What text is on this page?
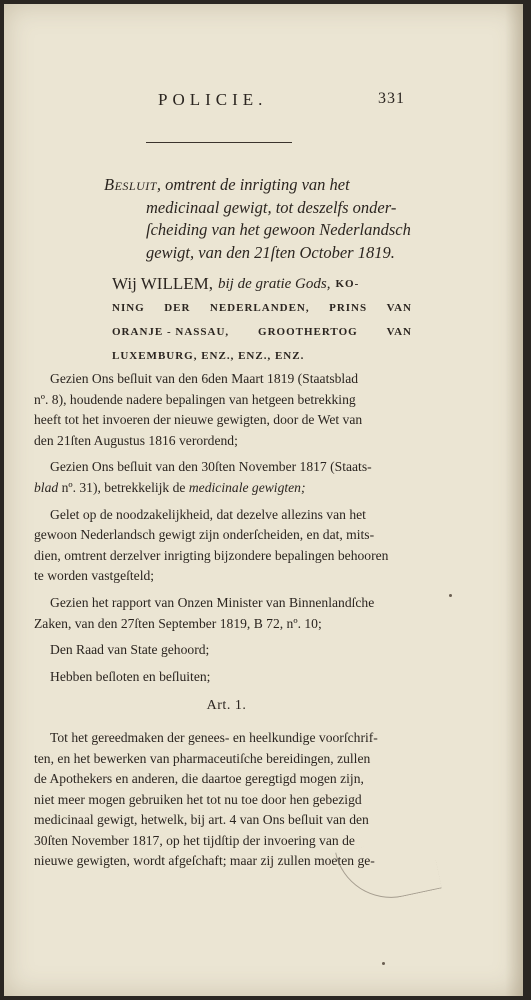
POLICIE.	331
Besluit, omtrent de inrigting van het
medicinaal gewigt, tot deszelfs onder-
ſcheiding van het gewoon Nederlandsch
gewigt, van den 21ſten October 1819.
Wij WILLEM, bij de gratie Gods, KO-
NING DER NEDERLANDEN, PRINS VAN
ORANJE - NASSAU,	GROOTHERTOG	VAN
LUXEMBURG, ENZ., ENZ., ENZ.
Gezien Ons beſluit van den 6den Maart 1819 (Staatsblad
nº. 8), houdende nadere bepalingen van hetgeen betrekking
heeft tot het invoeren der nieuwe gewigten, door de Wet van
den 21ſten Augustus 1816 verordend;
Gezien Ons beſluit van den 30ſten November 1817 (Staats-
blad nº. 31), betrekkelijk de medicinale gewigten;
Gelet op de noodzakelijkheid, dat dezelve allezins van het
gewoon Nederlandsch gewigt zijn onderſcheiden, en dat, mits-
dien, omtrent derzelver inrigting bijzondere bepalingen behooren
te worden vastgeſteld;
Gezien het rapport van Onzen Minister van Binnenlandſche
Zaken, van den 27ſten September 1819, B 72, nº. 10;
Den Raad van State gehoord;
Hebben beſloten en beſluiten;
Art. 1.
Tot het gereedmaken der genees- en heelkundige voorſchrif-
ten, en het bewerken van pharmaceutiſche bereidingen, zullen
de Apothekers en anderen, die daartoe geregtigd mogen zijn,
niet meer mogen gebruiken het tot nu toe door hen gebezigd
medicinaal gewigt, hetwelk, bij art. 4 van Ons beſluit van den
30ſten November 1817, op het tijdſtip der invoering van de
nieuwe gewigten, wordt afgeſchaft; maar zij zullen moeten ge-
